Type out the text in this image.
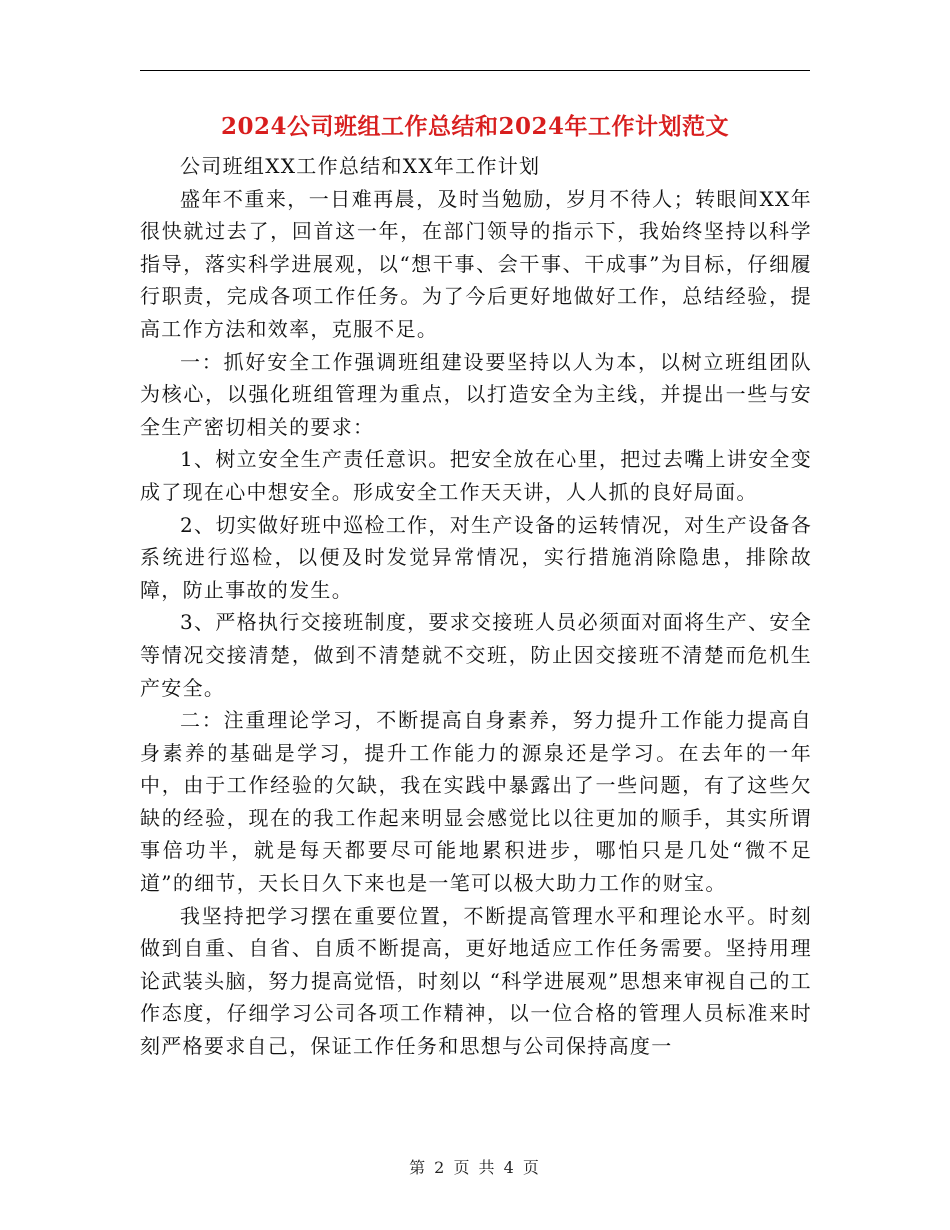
2024公司班组工作总结和2024年工作计划范文

公司班组XX工作总结和XX年工作计划

盛年不重来，一日难再晨，及时当勉励，岁月不待人；转眼间XX年很快就过去了，回首这一年，在部门领导的指示下，我始终坚持以科学指导，落实科学进展观，以“想干事、会干事、干成事”为目标，仔细履行职责，完成各项工作任务。为了今后更好地做好工作，总结经验，提高工作方法和效率，克服不足。

一：抓好安全工作强调班组建设要坚持以人为本，以树立班组团队为核心，以强化班组管理为重点，以打造安全为主线，并提出一些与安全生产密切相关的要求：

1、树立安全生产责任意识。把安全放在心里，把过去嘴上讲安全变成了现在心中想安全。形成安全工作天天讲，人人抓的良好局面。

2、切实做好班中巡检工作，对生产设备的运转情况，对生产设备各系统进行巡检，以便及时发觉异常情况，实行措施消除隐患，排除故障，防止事故的发生。

3、严格执行交接班制度，要求交接班人员必须面对面将生产、安全等情况交接清楚，做到不清楚就不交班，防止因交接班不清楚而危机生产安全。

二：注重理论学习，不断提高自身素养，努力提升工作能力提高自身素养的基础是学习，提升工作能力的源泉还是学习。在去年的一年中，由于工作经验的欠缺，我在实践中暴露出了一些问题，有了这些欠缺的经验，现在的我工作起来明显会感觉比以往更加的顺手，其实所谓事倍功半，就是每天都要尽可能地累积进步，哪怕只是几处“微不足道”的细节，天长日久下来也是一笔可以极大助力工作的财宝。

我坚持把学习摆在重要位置，不断提高管理水平和理论水平。时刻做到自重、自省、自质不断提高，更好地适应工作任务需要。坚持用理论武装头脑，努力提高觉悟，时刻以 “科学进展观”思想来审视自己的工作态度，仔细学习公司各项工作精神，以一位合格的管理人员标准来时刻严格要求自己，保证工作任务和思想与公司保持高度一

第 2 页 共 4 页
